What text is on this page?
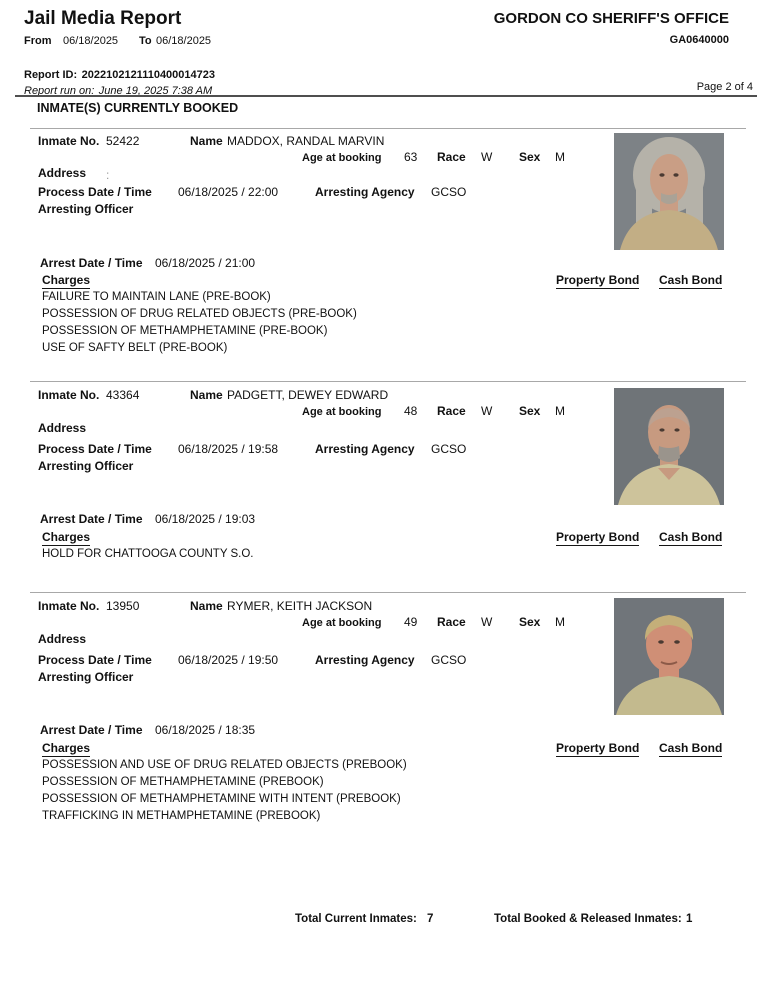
Jail Media Report
From 06/18/2025 To 06/18/2025
GORDON CO SHERIFF'S OFFICE
GA0640000
Report ID: 2022102121110400014723
Report run on: June 19, 2025 7:38 AM	Page 2 of 4
INMATE(S) CURRENTLY BOOKED
Inmate No. 52422	Name MADDOX, RANDAL MARVIN
Age at booking 63 Race W Sex M
Address :
Process Date / Time 06/18/2025 / 22:00	Arresting Agency GCSO
Arresting Officer
Arrest Date / Time 06/18/2025 / 21:00
Charges	Property Bond Cash Bond
FAILURE TO MAINTAIN LANE (PRE-BOOK)
POSSESSION OF DRUG RELATED OBJECTS (PRE-BOOK)
POSSESSION OF METHAMPHETAMINE (PRE-BOOK)
USE OF SAFTY BELT (PRE-BOOK)
Inmate No. 43364	Name PADGETT, DEWEY EDWARD
Age at booking 48 Race W Sex M
Address
Process Date / Time 06/18/2025 / 19:58	Arresting Agency GCSO
Arresting Officer
Arrest Date / Time 06/18/2025 / 19:03
Charges	Property Bond Cash Bond
HOLD FOR CHATTOOGA COUNTY S.O.
Inmate No. 13950	Name RYMER, KEITH JACKSON
Age at booking 49 Race W Sex M
Address
Process Date / Time 06/18/2025 / 19:50	Arresting Agency GCSO
Arresting Officer
Arrest Date / Time 06/18/2025 / 18:35
Charges	Property Bond Cash Bond
POSSESSION AND USE OF DRUG RELATED OBJECTS (PREBOOK)
POSSESSION OF METHAMPHETAMINE (PREBOOK)
POSSESSION OF METHAMPHETAMINE WITH INTENT (PREBOOK)
TRAFFICKING IN METHAMPHETAMINE (PREBOOK)
Total Current Inmates: 7	Total Booked & Released Inmates: 1
